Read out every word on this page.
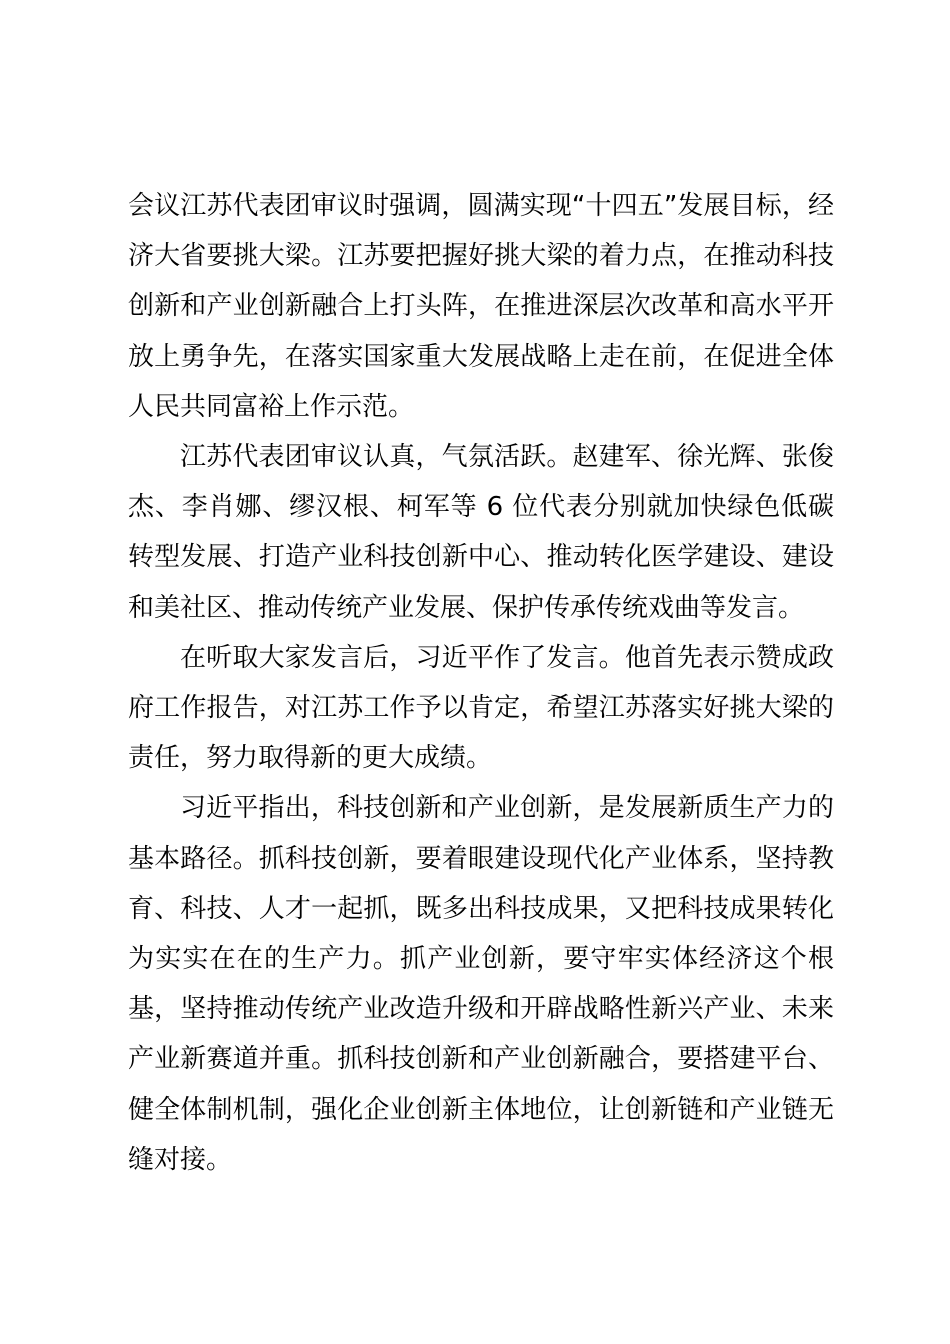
会议江苏代表团审议时强调，圆满实现“十四五”发展目标，经济大省要挑大梁。江苏要把握好挑大梁的着力点，在推动科技创新和产业创新融合上打头阵，在推进深层次改革和高水平开放上勇争先，在落实国家重大发展战略上走在前，在促进全体人民共同富裕上作示范。

江苏代表团审议认真，气氛活跃。赵建军、徐光辉、张俊杰、李肖娜、缪汉根、柯军等 6 位代表分别就加快绿色低碳转型发展、打造产业科技创新中心、推动转化医学建设、建设和美社区、推动传统产业发展、保护传承传统戏曲等发言。

在听取大家发言后，习近平作了发言。他首先表示赞成政府工作报告，对江苏工作予以肯定，希望江苏落实好挑大梁的责任，努力取得新的更大成绩。

习近平指出，科技创新和产业创新，是发展新质生产力的基本路径。抓科技创新，要着眼建设现代化产业体系，坚持教育、科技、人才一起抓，既多出科技成果，又把科技成果转化为实实在在的生产力。抓产业创新，要守牢实体经济这个根基，坚持推动传统产业改造升级和开辟战略性新兴产业、未来产业新赛道并重。抓科技创新和产业创新融合，要搭建平台、健全体制机制，强化企业创新主体地位，让创新链和产业链无缝对接。
